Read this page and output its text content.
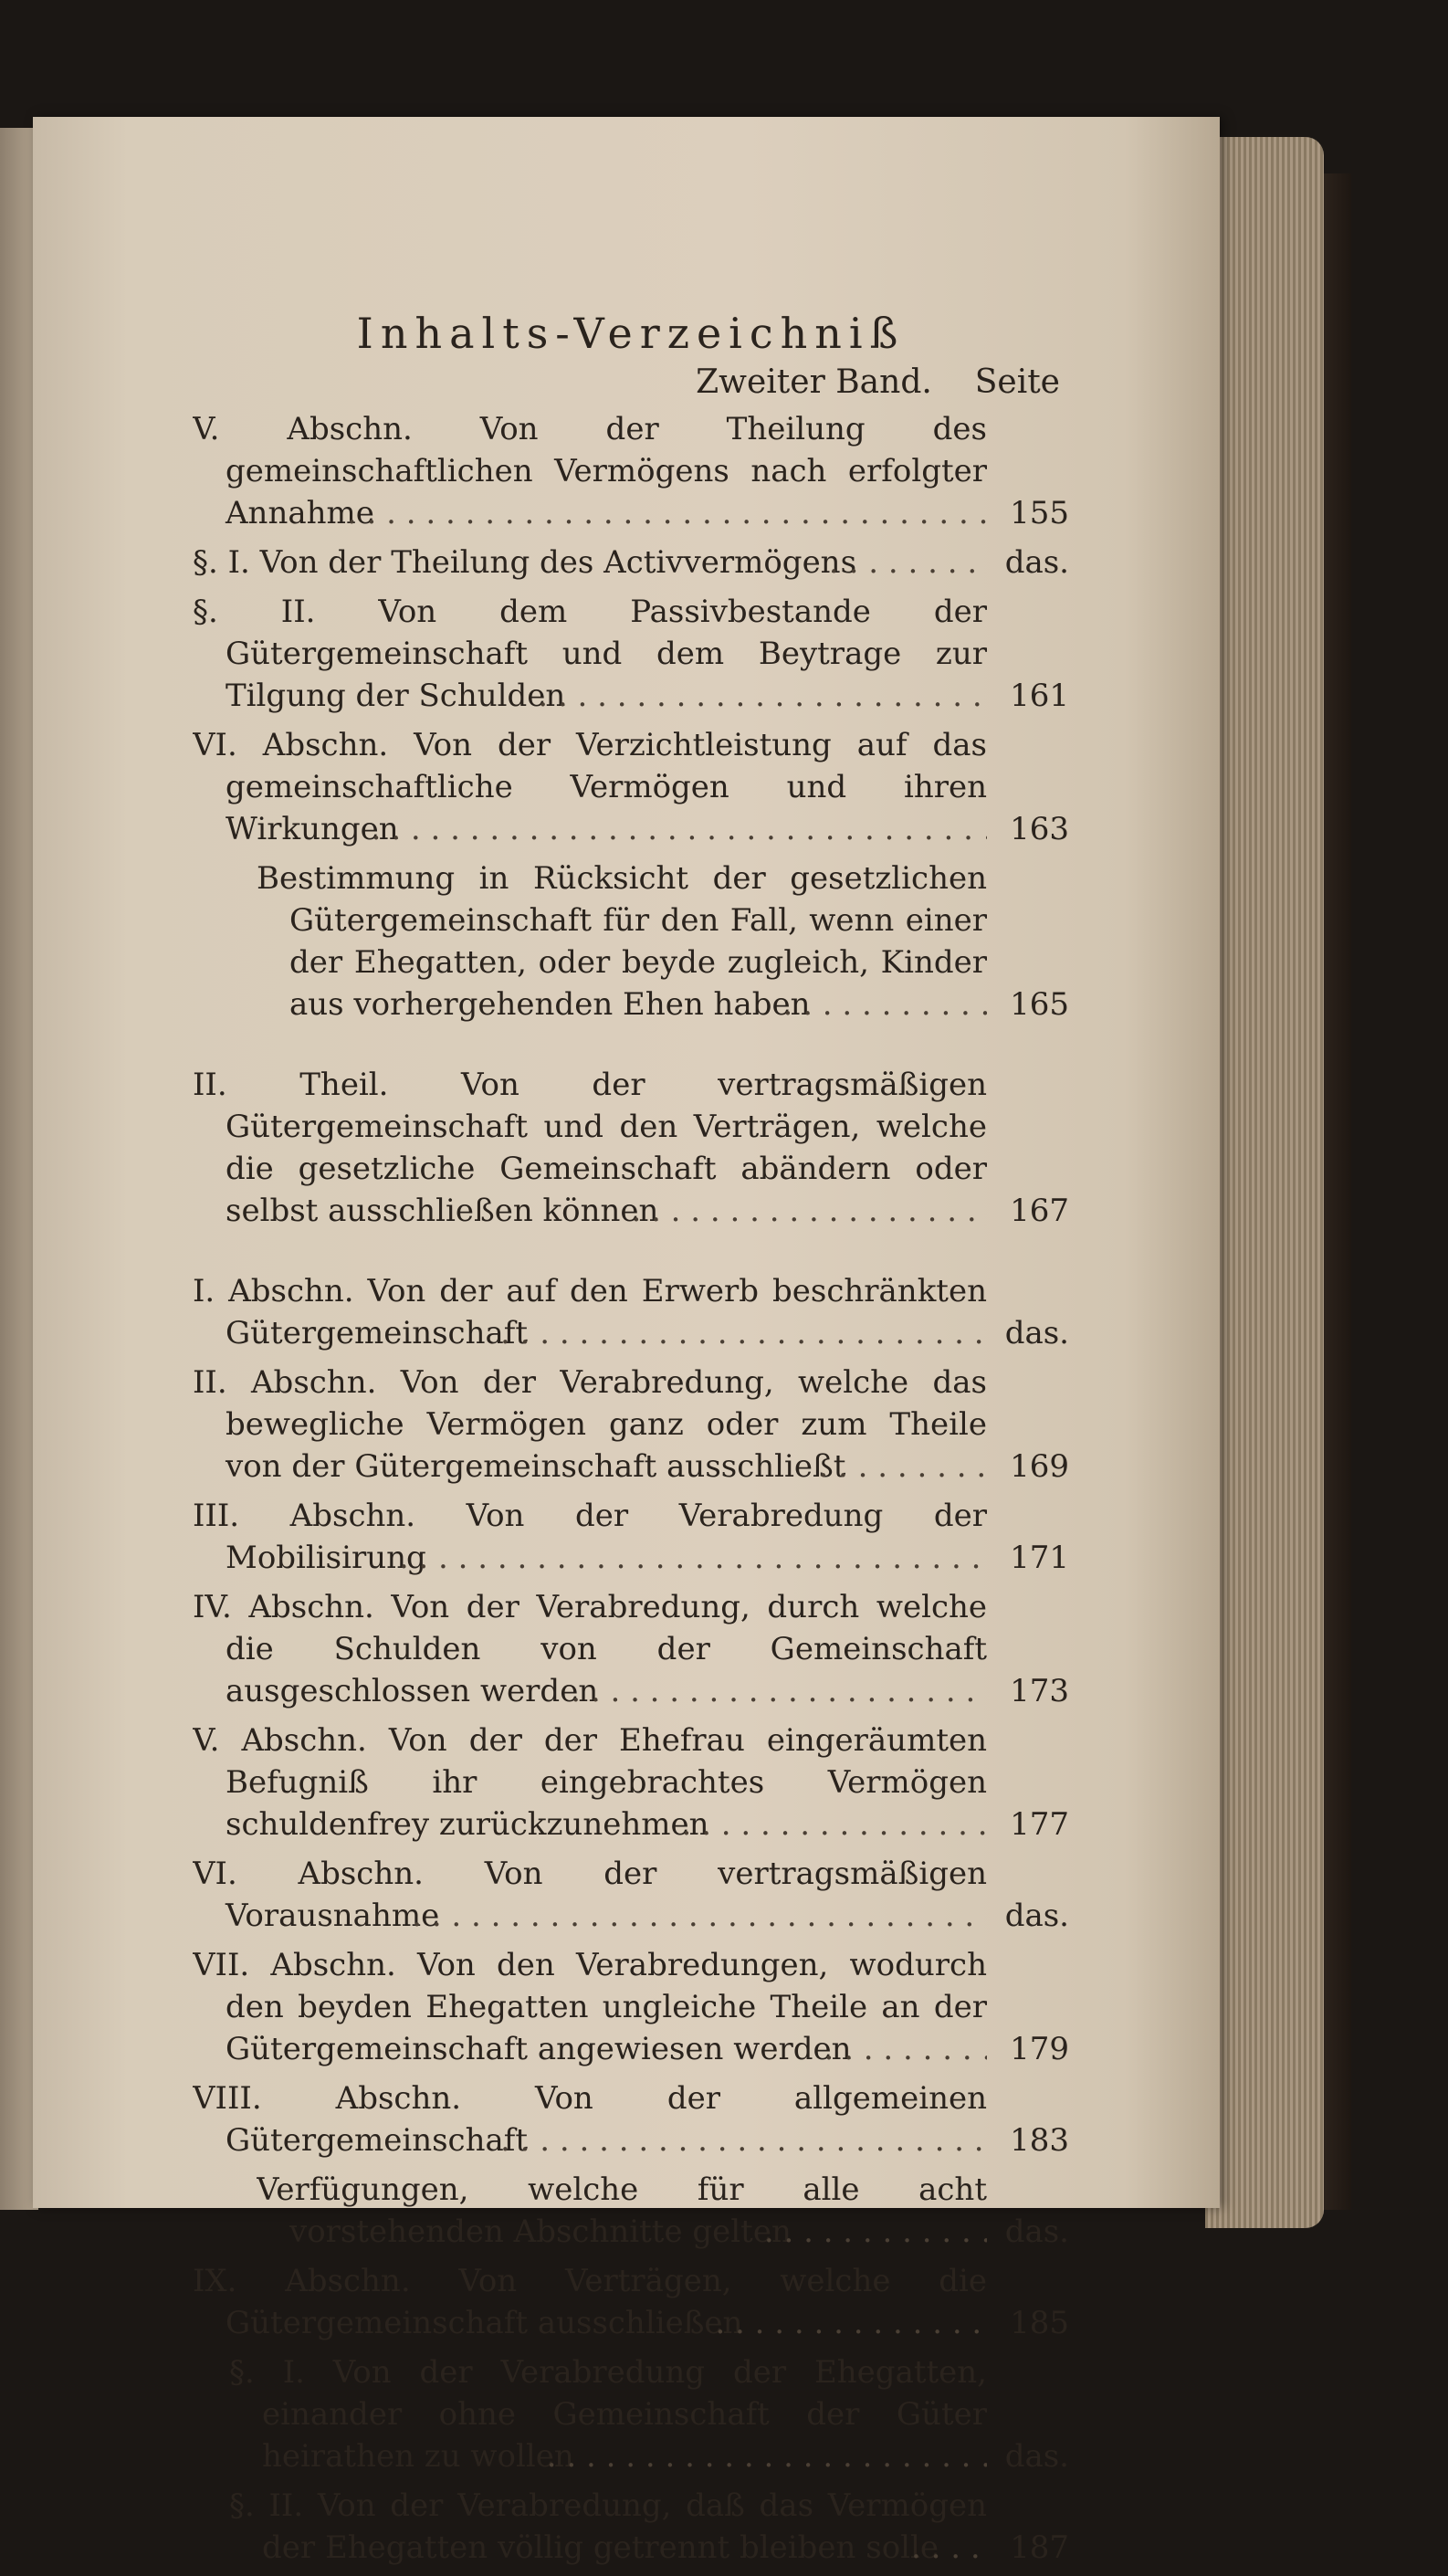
Inhalts-Verzeichniß
Zweiter Band. Seite
V. Abschn. Von der Theilung des gemeinschaftlichen Vermögens nach erfolgter Annahme . . .	155
§. I. Von der Theilung des Activvermögens . . .	das.
§. II. Von dem Passivbestande der Gütergemeinschaft und dem Beytrage zur Tilgung der Schulden . . .	161
VI. Abschn. Von der Verzichtleistung auf das gemeinschaftliche Vermögen und ihren Wirkungen . . .	163
Bestimmung in Rücksicht der gesetzlichen Gütergemeinschaft für den Fall, wenn einer der Ehegatten, oder beyde zugleich, Kinder aus vorhergehenden Ehen haben . . .	165
II. Theil. Von der vertragsmäßigen Gütergemeinschaft und den Verträgen, welche die gesetzliche Gemeinschaft abändern oder selbst ausschließen können . . .	167
I. Abschn. Von der auf den Erwerb beschränkten Gütergemeinschaft . . .	das.
II. Abschn. Von der Verabredung, welche das bewegliche Vermögen ganz oder zum Theile von der Gütergemeinschaft ausschließt . . .	169
III. Abschn. Von der Verabredung der Mobilisirung . . .	171
IV. Abschn. Von der Verabredung, durch welche die Schulden von der Gemeinschaft ausgeschlossen werden . . .	173
V. Abschn. Von der der Ehefrau eingeräumten Befugniß ihr eingebrachtes Vermögen schuldenfrey zurückzunehmen . . .	177
VI. Abschn. Von der vertragsmäßigen Vorausnahme . . .	das.
VII. Abschn. Von den Verabredungen, wodurch den beyden Ehegatten ungleiche Theile an der Gütergemeinschaft angewiesen werden . . .	179
VIII. Abschn. Von der allgemeinen Gütergemeinschaft . . .	183
Verfügungen, welche für alle acht vorstehenden Abschnitte gelten . . .	das.
IX. Abschn. Von Verträgen, welche die Gütergemeinschaft ausschließen . . .	185
§. I. Von der Verabredung der Ehegatten, einander ohne Gemeinschaft der Güter heirathen zu wollen . . .	das.
§. II. Von der Verabredung, daß das Vermögen der Ehegatten völlig getrennt bleiben solle . . .	187
